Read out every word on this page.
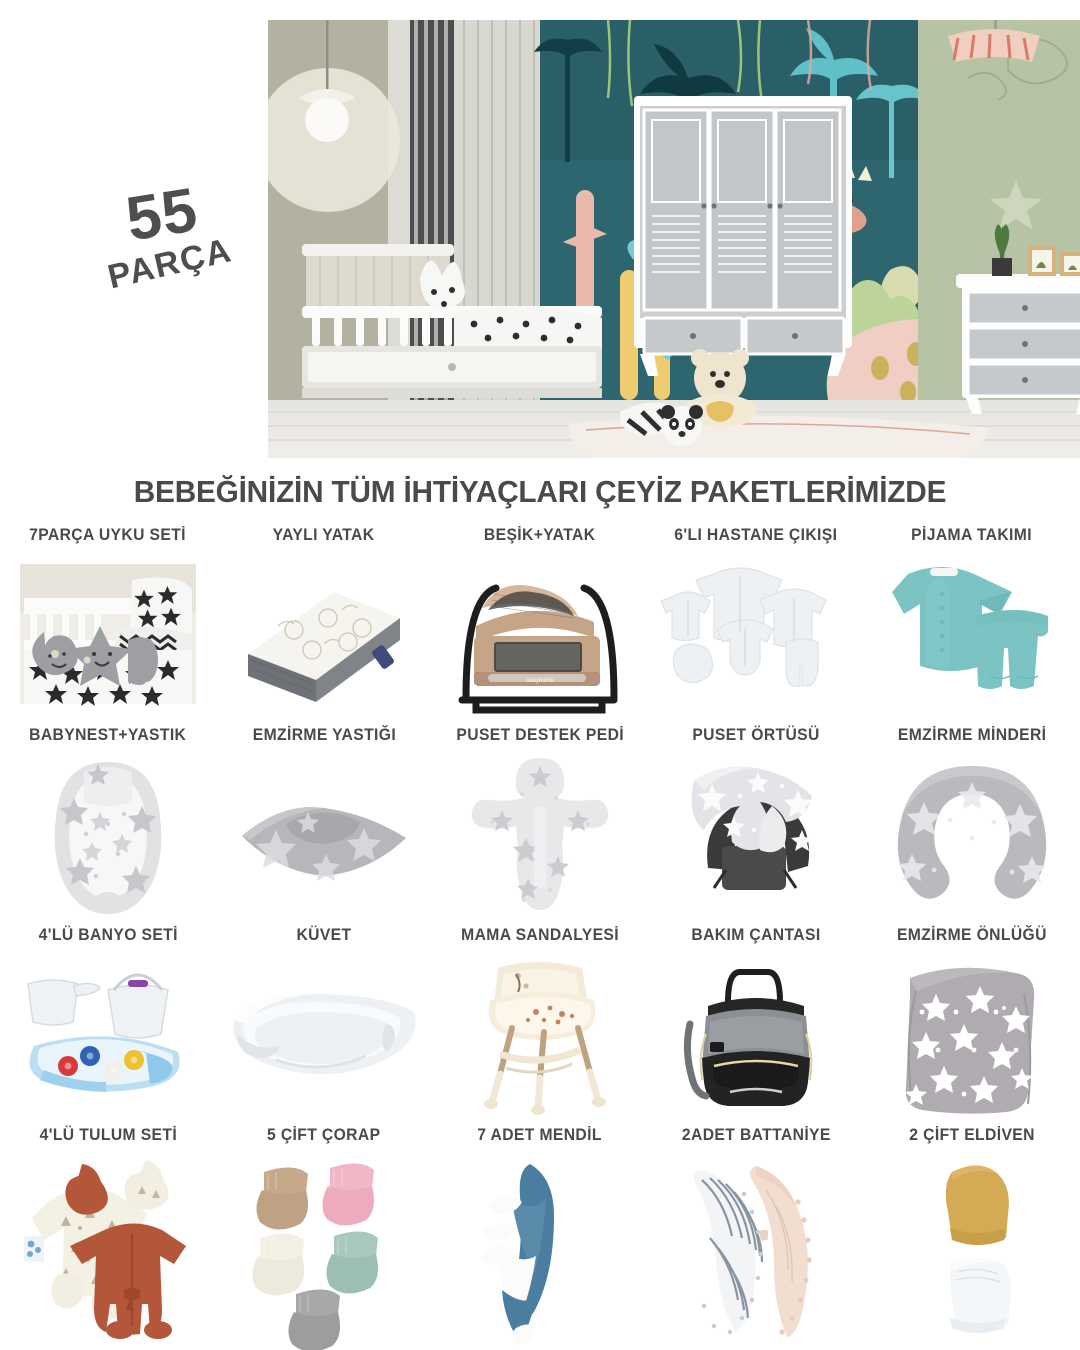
55
PARÇA
BEBEĞİNİZİN TÜM İHTİYAÇLARI ÇEYİZ PAKETLERİMİZDE
7PARÇA UYKU SETİ	YAYLI YATAK	BEŞİK+YATAK
babyhome
6'LI HASTANE ÇIKIŞI	PİJAMA TAKIMI
BABYNEST+YASTIK	EMZİRME YASTIĞI	PUSET DESTEK PEDİ	PUSET ÖRTÜSÜ	EMZİRME MİNDERİ
4'LÜ BANYO SETİ	KÜVET	MAMA SANDALYESİ	BAKIM ÇANTASI	EMZİRME ÖNLÜĞÜ
4'LÜ TULUM SETİ	5 ÇİFT ÇORAP	7 ADET MENDİL	2ADET BATTANİYE	2 ÇİFT ELDİVEN
